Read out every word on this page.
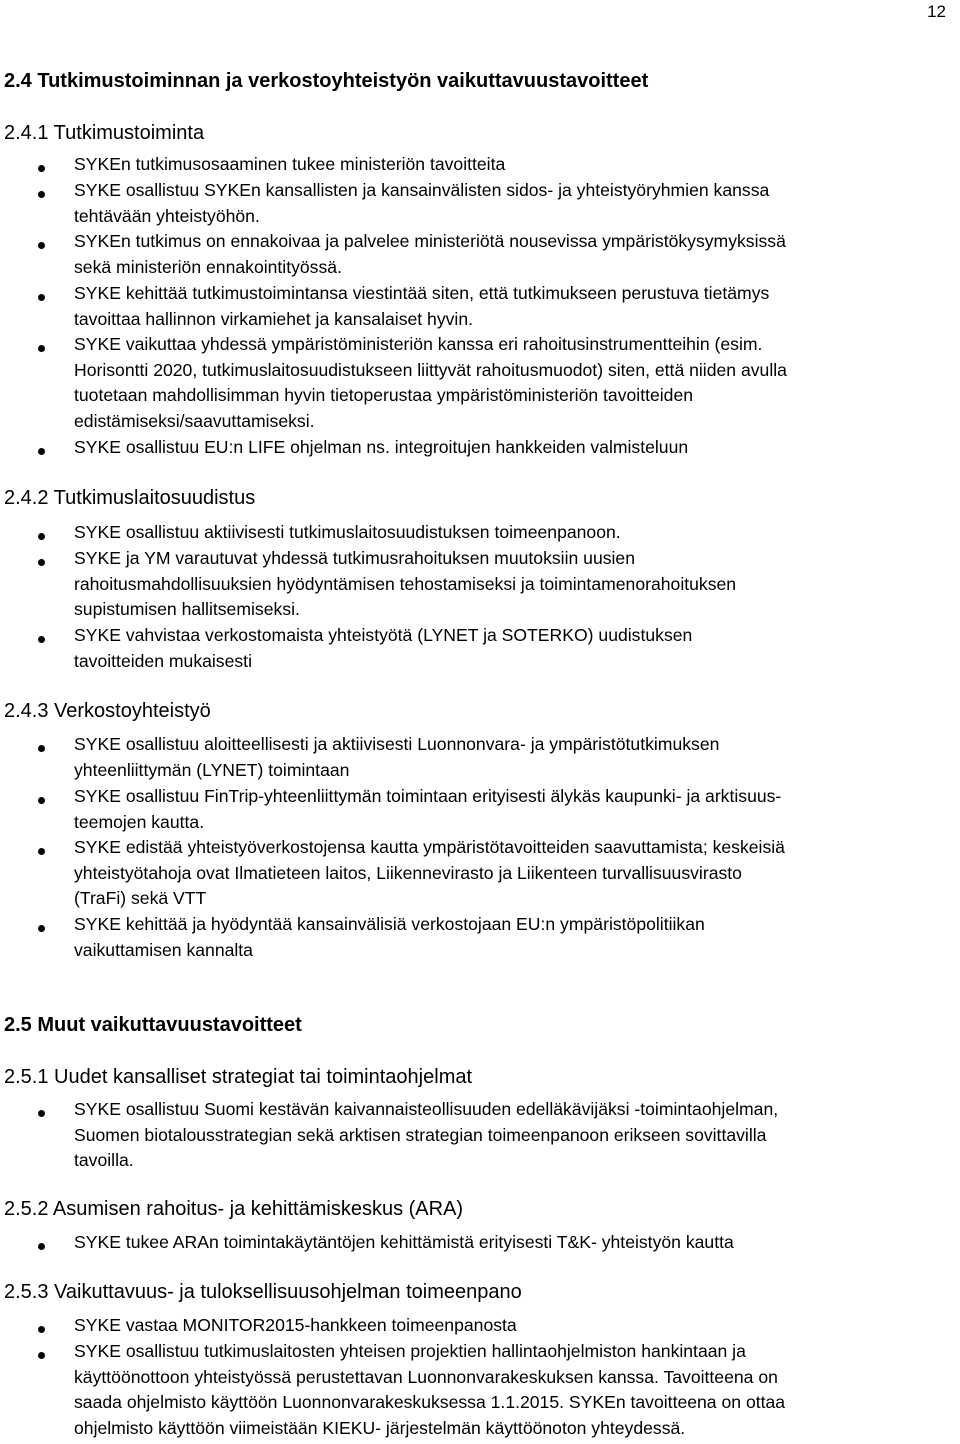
12
2.4 Tutkimustoiminnan ja verkostoyhteistyön vaikuttavuustavoitteet
2.4.1 Tutkimustoiminta
SYKEn tutkimusosaaminen tukee ministeriön tavoitteita
SYKE osallistuu SYKEn kansallisten ja kansainvälisten sidos- ja yhteistyöryhmien kanssa
tehtävään yhteistyöhön.
SYKEn tutkimus on ennakoivaa ja palvelee ministeriötä nousevissa ympäristökysymyksissä
sekä ministeriön ennakointityössä.
SYKE kehittää tutkimustoimintansa viestintää siten, että tutkimukseen perustuva tietämys
tavoittaa hallinnon virkamiehet ja kansalaiset hyvin.
SYKE vaikuttaa yhdessä ympäristöministeriön kanssa eri rahoitusinstrumentteihin (esim.
Horisontti 2020, tutkimuslaitosuudistukseen liittyvät rahoitusmuodot) siten, että niiden avulla
tuotetaan mahdollisimman hyvin tietoperustaa ympäristöministeriön tavoitteiden
edistämiseksi/saavuttamiseksi.
SYKE osallistuu EU:n LIFE ohjelman ns. integroitujen hankkeiden valmisteluun
2.4.2 Tutkimuslaitosuudistus
SYKE osallistuu aktiivisesti tutkimuslaitosuudistuksen toimeenpanoon.
SYKE ja YM varautuvat yhdessä tutkimusrahoituksen muutoksiin uusien
rahoitusmahdollisuuksien hyödyntämisen tehostamiseksi ja toimintamenorahoituksen
supistumisen hallitsemiseksi.
SYKE vahvistaa verkostomaista yhteistyötä (LYNET ja SOTERKO) uudistuksen
tavoitteiden mukaisesti
2.4.3 Verkostoyhteistyö
SYKE osallistuu aloitteellisesti ja aktiivisesti Luonnonvara- ja ympäristötutkimuksen
yhteenliittymän (LYNET) toimintaan
SYKE osallistuu FinTrip-yhteenliittymän toimintaan erityisesti älykäs kaupunki- ja arktisuus-
teemojen kautta.
SYKE edistää yhteistyöverkostojensa kautta ympäristötavoitteiden saavuttamista; keskeisiä
yhteistyötahoja ovat Ilmatieteen laitos, Liikennevirasto ja Liikenteen turvallisuusvirasto
(TraFi) sekä VTT
SYKE kehittää ja hyödyntää kansainvälisiä verkostojaan EU:n ympäristöpolitiikan
vaikuttamisen kannalta
2.5 Muut vaikuttavuustavoitteet
2.5.1 Uudet kansalliset strategiat tai toimintaohjelmat
SYKE osallistuu Suomi kestävän kaivannaisteollisuuden edelläkävijäksi -toimintaohjelman,
Suomen biotalousstrategian sekä arktisen strategian toimeenpanoon erikseen sovittavilla
tavoilla.
2.5.2 Asumisen rahoitus- ja kehittämiskeskus (ARA)
SYKE tukee ARAn toimintakäytäntöjen kehittämistä erityisesti T&K- yhteistyön kautta
2.5.3 Vaikuttavuus- ja tuloksellisuusohjelman toimeenpano
SYKE vastaa MONITOR2015-hankkeen toimeenpanosta
SYKE osallistuu tutkimuslaitosten yhteisen projektien hallintaohjelmiston hankintaan ja
käyttöönottoon yhteistyössä perustettavan Luonnonvarakeskuksen kanssa. Tavoitteena on
saada ohjelmisto käyttöön Luonnonvarakeskuksessa 1.1.2015. SYKEn tavoitteena on ottaa
ohjelmisto käyttöön viimeistään KIEKU- järjestelmän käyttöönoton yhteydessä.
